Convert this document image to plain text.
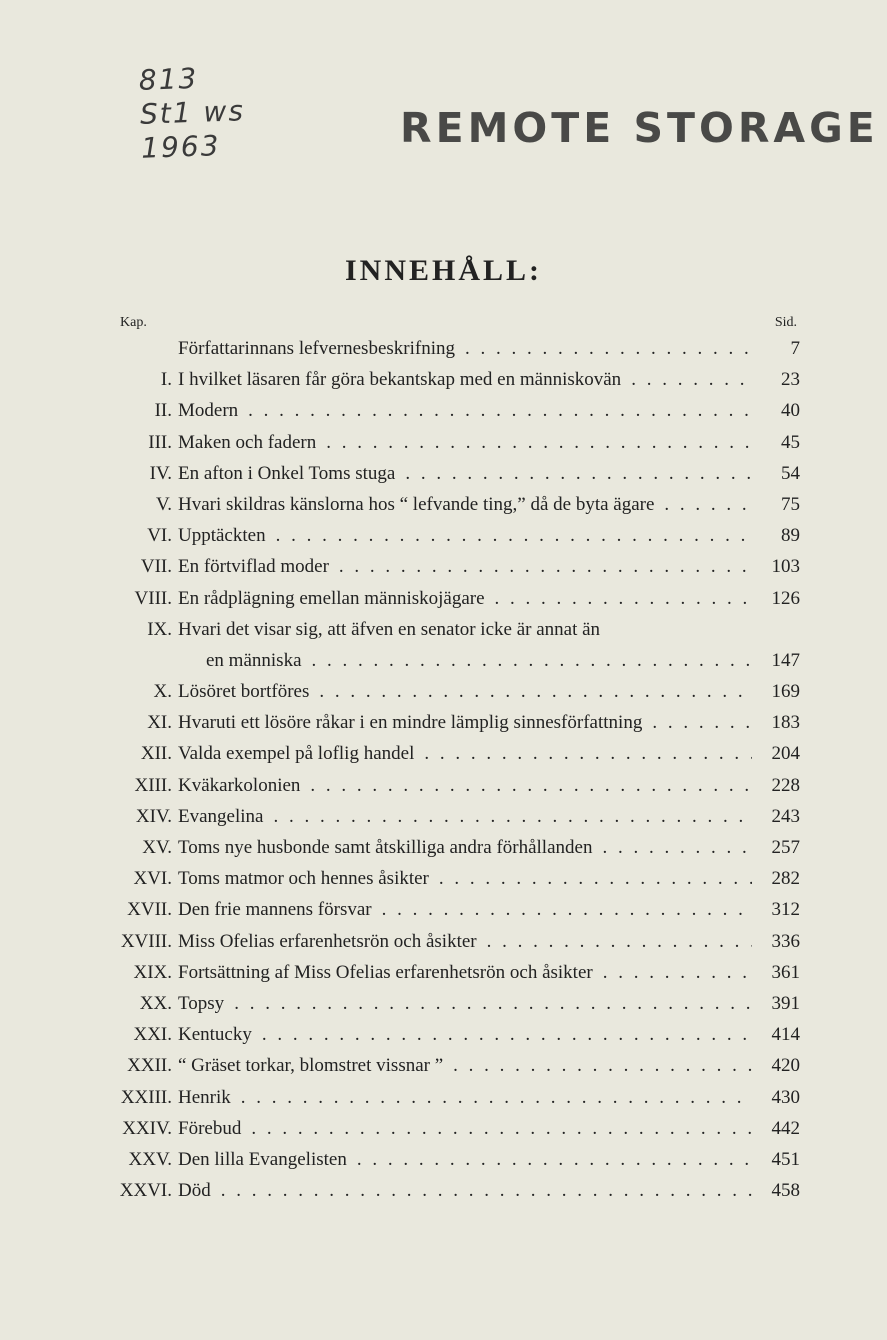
813
St1 ws
1963	REMOTE STORAGE
INNEHÅLL:
Kap.	Sid.
Författarinnans lefvernesbeskrifning . . .	7
I. I hvilket läsaren får göra bekantskap med en människovän . . .	23
II. Modern . . .	40
III. Maken och fadern . . .	45
IV. En afton i Onkel Toms stuga . . .	54
V. Hvari skildras känslorna hos “ lefvande ting,” då de byta ägare . . .	75
VI. Upptäckten . . .	89
VII. En förtviflad moder . . .	103
VIII. En rådplägning emellan människojägare . . .	126
IX. Hvari det visar sig, att äfven en senator icke är annat än
en människa . . .	147
X. Lösöret bortföres . . .	169
XI. Hvaruti ett lösöre råkar i en mindre lämplig sinnesförfattning . . .	183
XII. Valda exempel på loflig handel . . .	204
XIII. Kväkarkolonien . . .	228
XIV. Evangelina . . .	243
XV. Toms nye husbonde samt åtskilliga andra förhållanden . . .	257
XVI. Toms matmor och hennes åsikter . . .	282
XVII. Den frie mannens försvar . . .	312
XVIII. Miss Ofelias erfarenhetsrön och åsikter . . .	336
XIX. Fortsättning af Miss Ofelias erfarenhetsrön och åsikter . . .	361
XX. Topsy . . .	391
XXI. Kentucky . . .	414
XXII. “ Gräset torkar, blomstret vissnar ” . . .	420
XXIII. Henrik . . .	430
XXIV. Förebud . . .	442
XXV. Den lilla Evangelisten . . .	451
XXVI. Död . . .	458
